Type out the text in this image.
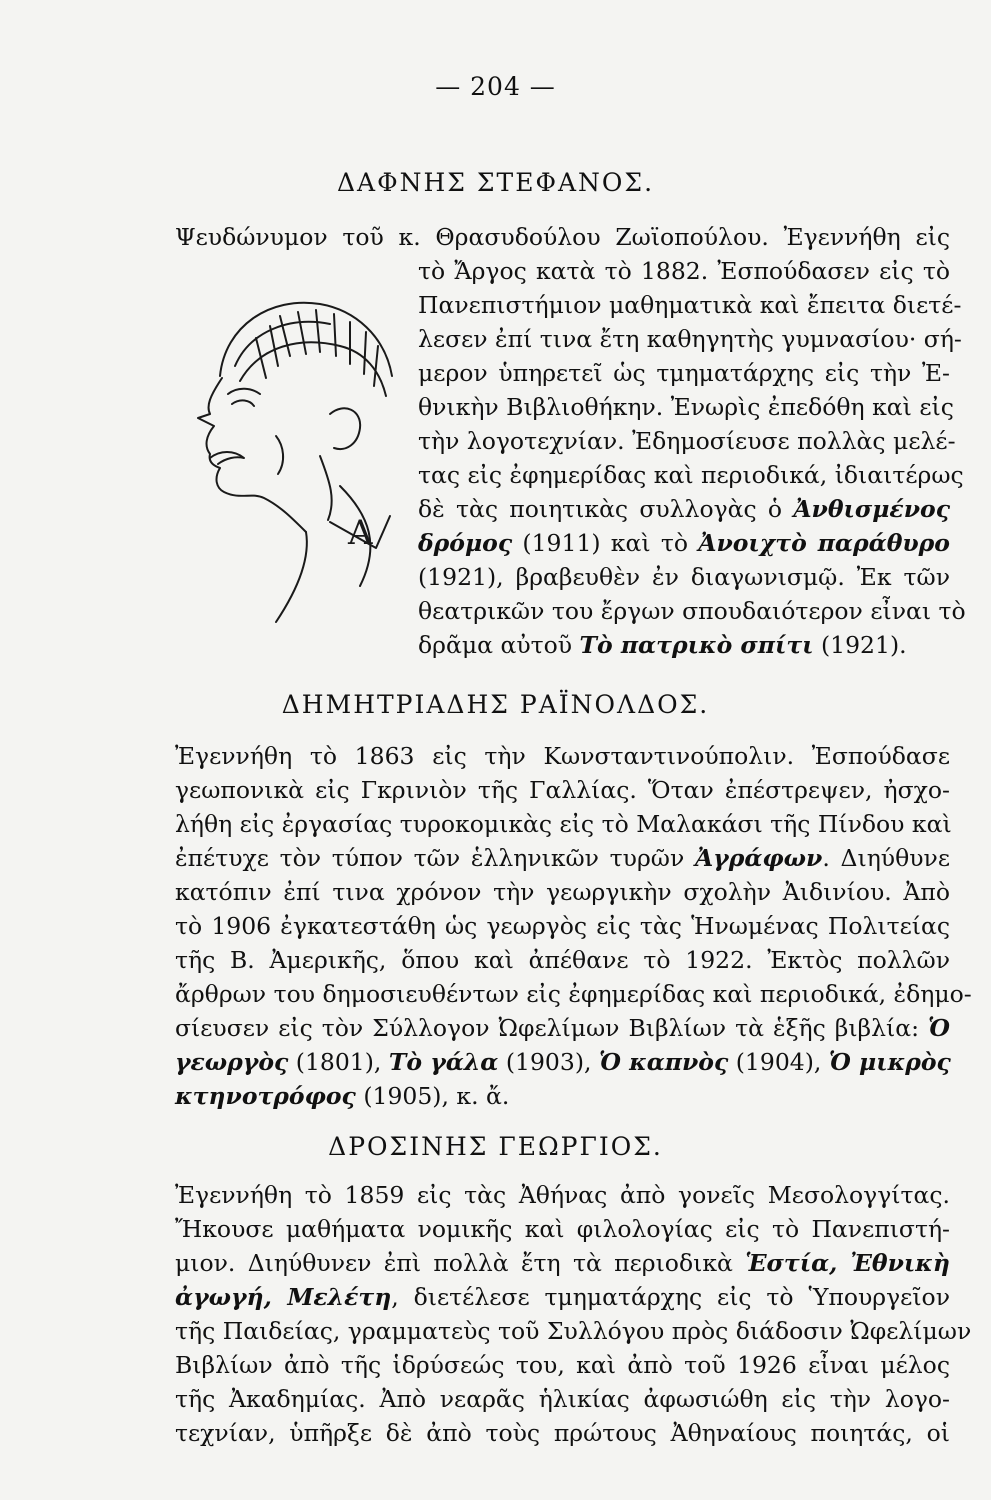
— 204 —
ΔΑΦΝΗΣ ΣΤΕΦΑΝΟΣ.
Ψευδώνυμον τοῦ κ. Θρασυδούλου Ζωϊοπούλου. Ἐγεννήθη εἰς
τὸ Ἄργος κατὰ τὸ 1882. Ἐσπούδασεν εἰς τὸ
Πανεπιστήμιον μαθηματικὰ καὶ ἔπειτα διετέ-
λεσεν ἐπί τινα ἔτη καθηγητὴς γυμνασίου· σή-
μερον ὑπηρετεῖ ὡς τμηματάρχης εἰς τὴν Ἐ-
θνικὴν Βιβλιοθήκην. Ἐνωρὶς ἐπεδόθη καὶ εἰς
τὴν λογοτεχνίαν. Ἐδημοσίευσε πολλὰς μελέ-
τας εἰς ἐφημερίδας καὶ περιοδικά, ἰδιαιτέρως
δὲ τὰς ποιητικὰς συλλογὰς ὁ Ἀνθισμένος
δρόμος (1911) καὶ τὸ Ἀνοιχτὸ παράθυρο
(1921), βραβευθὲν ἐν διαγωνισμῷ. Ἐκ τῶν
θεατρικῶν του ἔργων σπουδαιότερον εἶναι τὸ
δρᾶμα αὐτοῦ Τὸ πατρικὸ σπίτι (1921).
A
ΔΗΜΗΤΡΙΑΔΗΣ ΡΑΪΝΟΛΔΟΣ.
Ἐγεννήθη τὸ 1863 εἰς τὴν Κωνσταντινούπολιν. Ἐσπούδασε
γεωπονικὰ εἰς Γκρινιὸν τῆς Γαλλίας. Ὅταν ἐπέστρεψεν, ἠσχο-
λήθη εἰς ἐργασίας τυροκομικὰς εἰς τὸ Μαλακάσι τῆς Πίνδου καὶ
ἐπέτυχε τὸν τύπον τῶν ἑλληνικῶν τυρῶν Ἀγράφων. Διηύθυνε
κατόπιν ἐπί τινα χρόνον τὴν γεωργικὴν σχολὴν Ἀιδινίου. Ἀπὸ
τὸ 1906 ἐγκατεστάθη ὡς γεωργὸς εἰς τὰς Ἡνωμένας Πολιτείας
τῆς Β. Ἀμερικῆς, ὅπου καὶ ἀπέθανε τὸ 1922. Ἐκτὸς πολλῶν
ἄρθρων του δημοσιευθέντων εἰς ἐφημερίδας καὶ περιοδικά, ἐδημο-
σίευσεν εἰς τὸν Σύλλογον Ὠφελίμων Βιβλίων τὰ ἑξῆς βιβλία: Ὁ
γεωργὸς (1801), Τὸ γάλα (1903), Ὁ καπνὸς (1904), Ὁ μικρὸς
κτηνοτρόφος (1905), κ. ἄ.
ΔΡΟΣΙΝΗΣ ΓΕΩΡΓΙΟΣ.
Ἐγεννήθη τὸ 1859 εἰς τὰς Ἀθήνας ἀπὸ γονεῖς Μεσολογγίτας.
Ἤκουσε μαθήματα νομικῆς καὶ φιλολογίας εἰς τὸ Πανεπιστή-
μιον. Διηύθυνεν ἐπὶ πολλὰ ἔτη τὰ περιοδικὰ Ἑστία, Ἐθνικὴ
ἀγωγή, Μελέτη, διετέλεσε τμηματάρχης εἰς τὸ Ὑπουργεῖον
τῆς Παιδείας, γραμματεὺς τοῦ Συλλόγου πρὸς διάδοσιν Ὠφελίμων
Βιβλίων ἀπὸ τῆς ἱδρύσεώς του, καὶ ἀπὸ τοῦ 1926 εἶναι μέλος
τῆς Ἀκαδημίας. Ἀπὸ νεαρᾶς ἡλικίας ἀφωσιώθη εἰς τὴν λογο-
τεχνίαν, ὑπῆρξε δὲ ἀπὸ τοὺς πρώτους Ἀθηναίους ποιητάς, οἱ
